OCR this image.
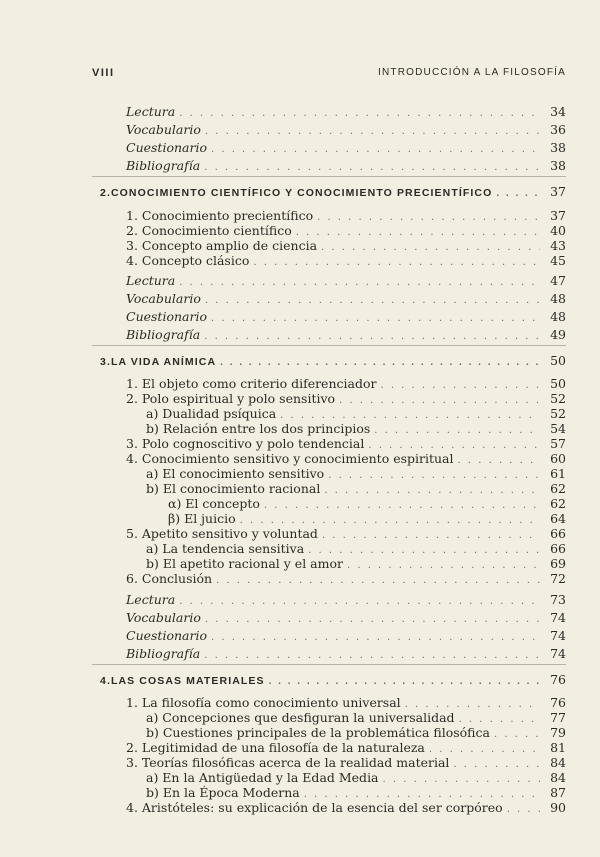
VIII	INTRODUCCIÓN A LA FILOSOFÍA
Lectura . . .	34
Vocabulario . . .	36
Cuestionario . . .	38
Bibliografía . . .	38
2. CONOCIMIENTO CIENTÍFICO Y CONOCIMIENTO PRECIENTÍFICO . . .	37
1. Conocimiento precientífico . . .	37
2. Conocimiento científico . . .	40
3. Concepto amplio de ciencia . . .	43
4. Concepto clásico . . .	45
Lectura . . .	47
Vocabulario . . .	48
Cuestionario . . .	48
Bibliografía . . .	49
3. LA VIDA ANÍMICA . . .	50
1. El objeto como criterio diferenciador . . .	50
2. Polo espiritual y polo sensitivo . . .	52
a) Dualidad psíquica . . .	52
b) Relación entre los dos principios . . .	54
3. Polo cognoscitivo y polo tendencial . . .	57
4. Conocimiento sensitivo y conocimiento espiritual . . .	60
a) El conocimiento sensitivo . . .	61
b) El conocimiento racional . . .	62
α) El concepto . . .	62
β) El juicio . . .	64
5. Apetito sensitivo y voluntad . . .	66
a) La tendencia sensitiva . . .	66
b) El apetito racional y el amor . . .	69
6. Conclusión . . .	72
Lectura . . .	73
Vocabulario . . .	74
Cuestionario . . .	74
Bibliografía . . .	74
4. LAS COSAS MATERIALES . . .	76
1. La filosofía como conocimiento universal . . .	76
a) Concepciones que desfiguran la universalidad . . .	77
b) Cuestiones principales de la problemática filosófica . . .	79
2. Legitimidad de una filosofía de la naturaleza . . .	81
3. Teorías filosóficas acerca de la realidad material . . .	84
a) En la Antigüedad y la Edad Media . . .	84
b) En la Época Moderna . . .	87
4. Aristóteles: su explicación de la esencia del ser corpóreo . . .	90
